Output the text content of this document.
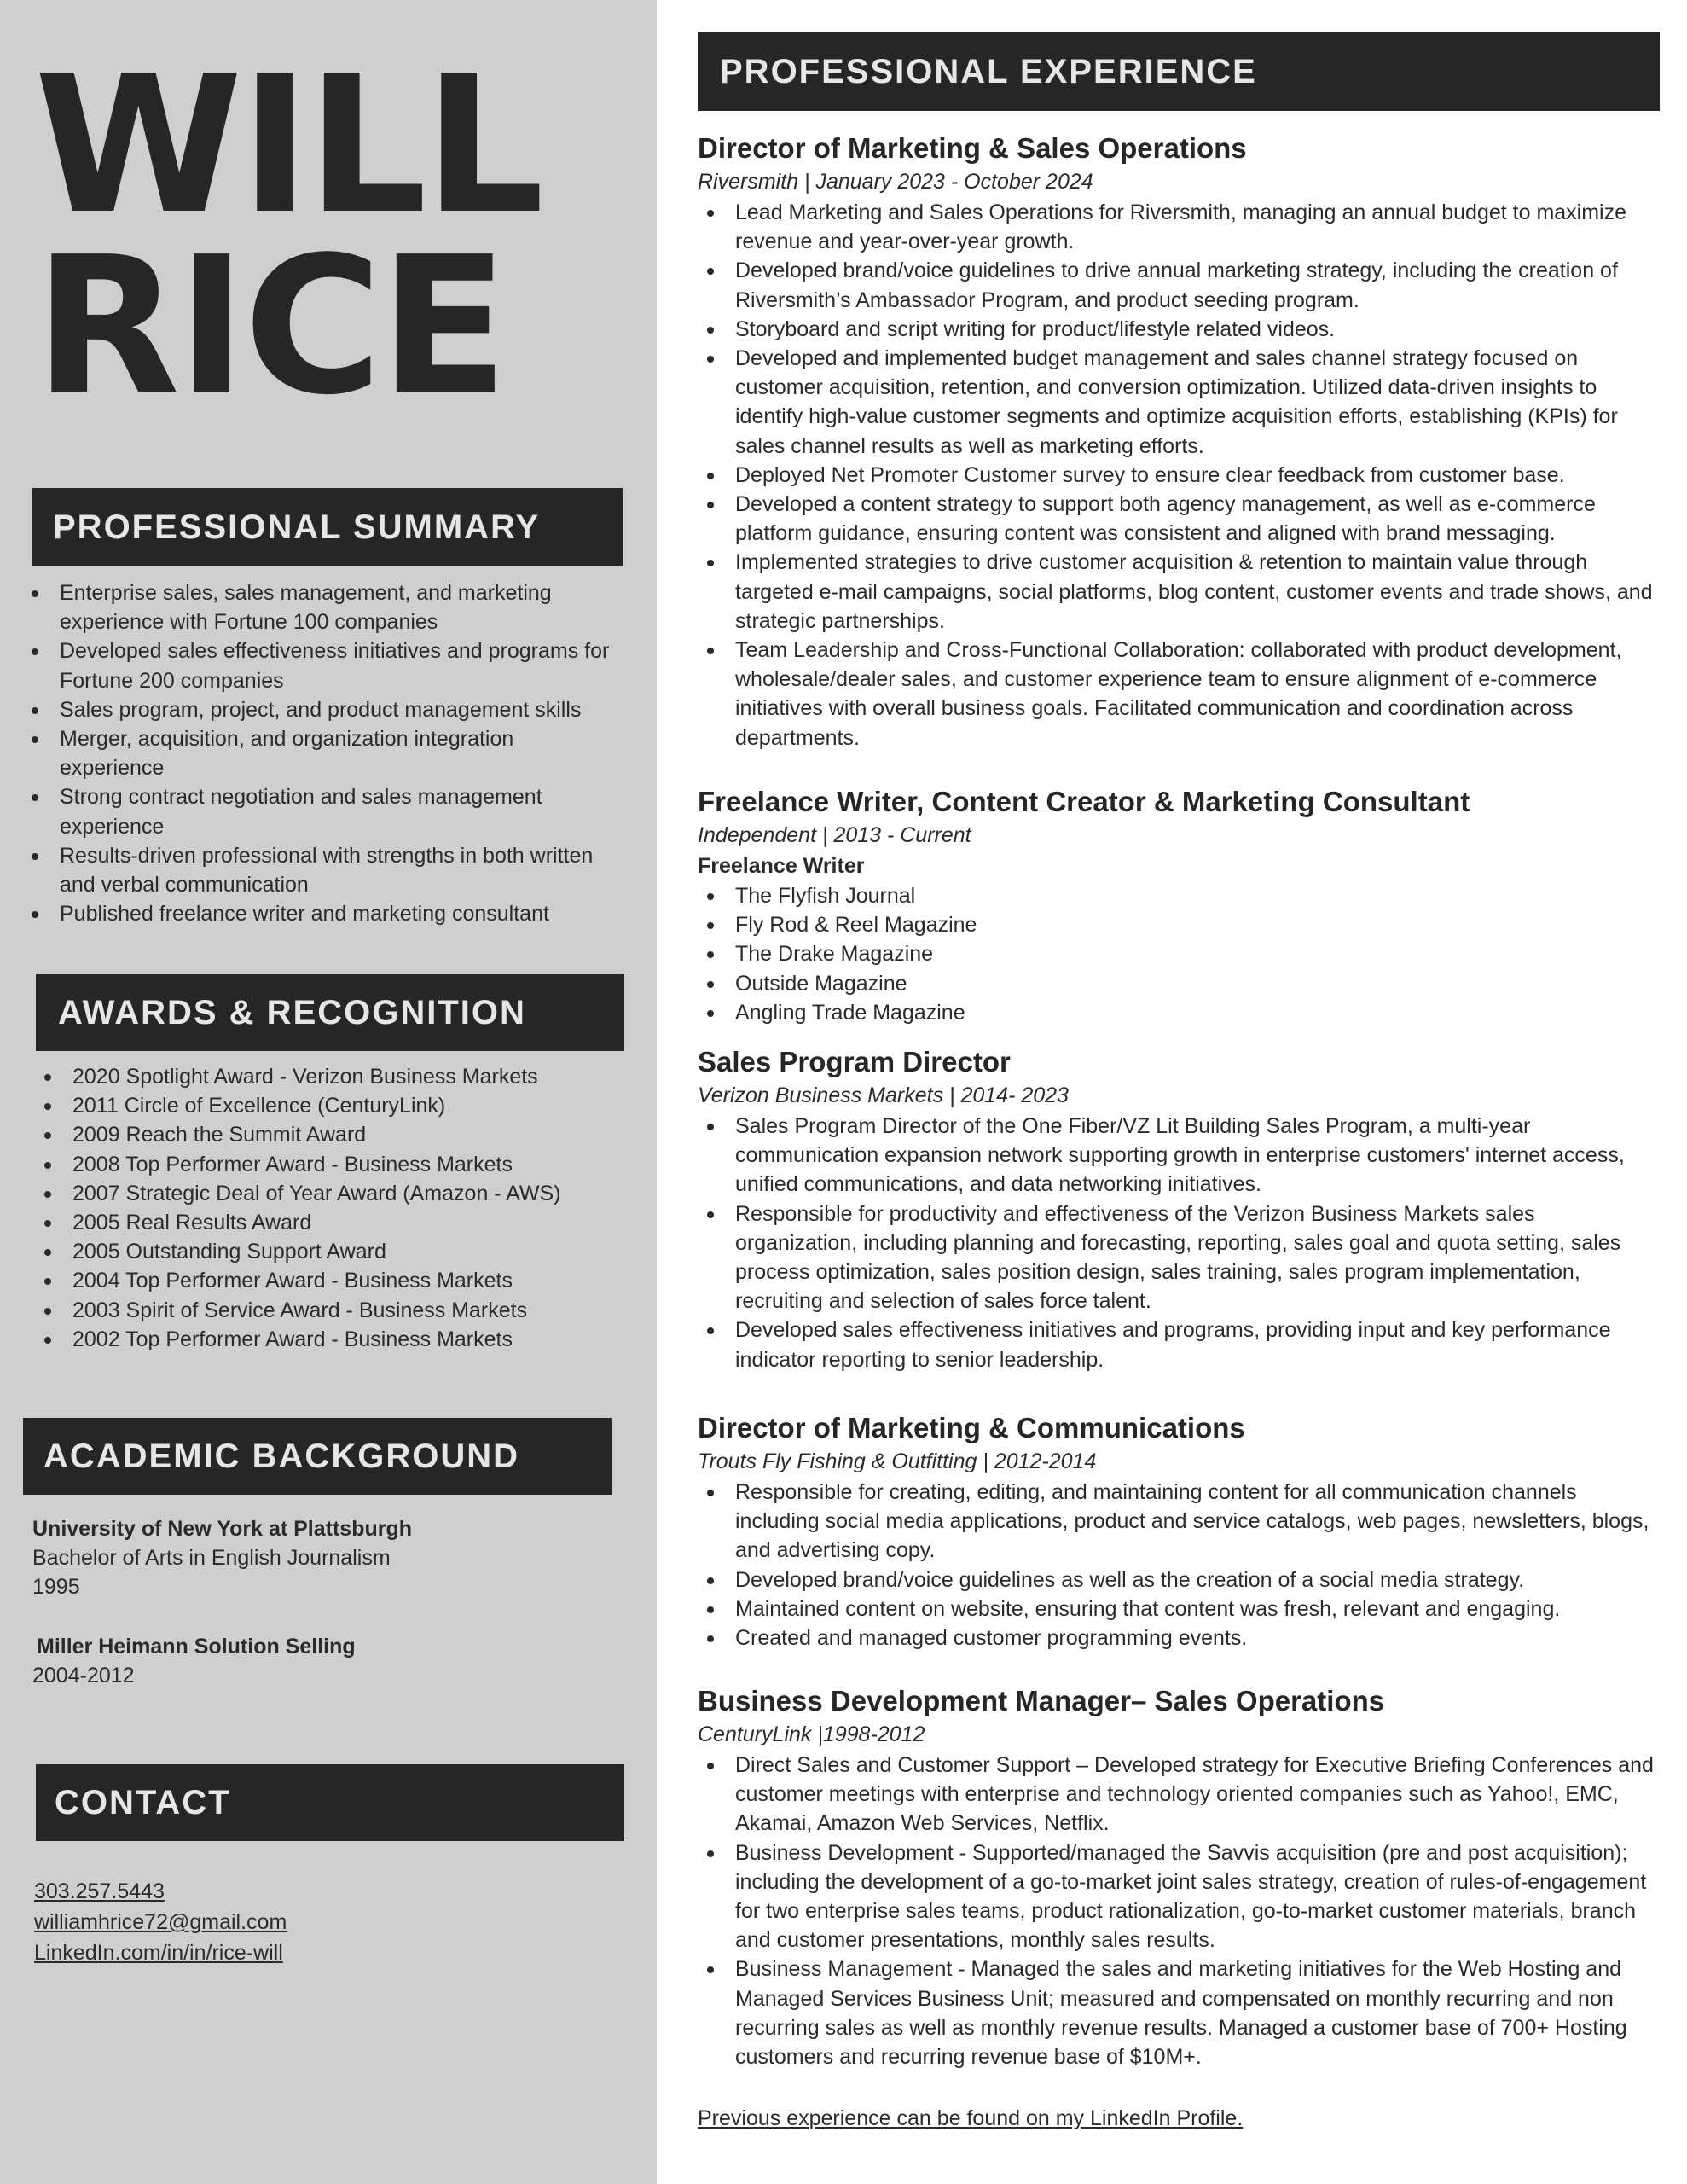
WILL
RICE
PROFESSIONAL SUMMARY
Enterprise sales, sales management, and marketing experience with Fortune 100 companies
Developed sales effectiveness initiatives and programs for Fortune 200 companies
Sales program, project, and product management skills
Merger, acquisition, and organization integration experience
Strong contract negotiation and sales management experience
Results-driven professional with strengths in both written and verbal communication
Published freelance writer and marketing consultant
AWARDS & RECOGNITION
2020 Spotlight Award - Verizon Business Markets
2011 Circle of Excellence (CenturyLink)
2009 Reach the Summit Award
2008 Top Performer Award - Business Markets
2007 Strategic Deal of Year Award (Amazon - AWS)
2005 Real Results Award
2005 Outstanding Support Award
2004 Top Performer Award - Business Markets
2003 Spirit of Service Award - Business Markets
2002 Top Performer Award - Business Markets
ACADEMIC BACKGROUND

University of New York at Plattsburgh

Bachelor of Arts in English Journalism

1995

Miller Heimann Solution Selling

2004-2012

CONTACT
303.257.5443
williamhrice72@gmail.com
LinkedIn.com/in/in/rice-will
PROFESSIONAL EXPERIENCE
Director of Marketing & Sales Operations

Riversmith | January 2023 - October 2024

Lead Marketing and Sales Operations for Riversmith, managing an annual budget to maximize revenue and year-over-year growth.
Developed brand/voice guidelines to drive annual marketing strategy, including the creation of Riversmith’s Ambassador Program, and product seeding program.
Storyboard and script writing for product/lifestyle related videos.
Developed and implemented budget management and sales channel strategy focused on customer acquisition, retention, and conversion optimization. Utilized data-driven insights to identify high-value customer segments and optimize acquisition efforts, establishing (KPIs) for sales channel results as well as marketing efforts.
Deployed Net Promoter Customer survey to ensure clear feedback from customer base.
Developed a content strategy to support both agency management, as well as e-commerce platform guidance, ensuring content was consistent and aligned with brand messaging.
Implemented strategies to drive customer acquisition & retention to maintain value through targeted e-mail campaigns, social platforms, blog content, customer events and trade shows, and strategic partnerships.
Team Leadership and Cross-Functional Collaboration: collaborated with product development, wholesale/dealer sales, and customer experience team to ensure alignment of e-commerce initiatives with overall business goals. Facilitated communication and coordination across departments.
Freelance Writer, Content Creator & Marketing Consultant

Independent | 2013 - Current

Freelance Writer

The Flyfish Journal
Fly Rod & Reel Magazine
The Drake Magazine
Outside Magazine
Angling Trade Magazine
Sales Program Director

Verizon Business Markets | 2014- 2023

Sales Program Director of the One Fiber/VZ Lit Building Sales Program, a multi-year communication expansion network supporting growth in enterprise customers' internet access, unified communications, and data networking initiatives.
Responsible for productivity and effectiveness of the Verizon Business Markets sales organization, including planning and forecasting, reporting, sales goal and quota setting, sales process optimization, sales position design, sales training, sales program implementation, recruiting and selection of sales force talent.
Developed sales effectiveness initiatives and programs, providing input and key performance indicator reporting to senior leadership.
Director of Marketing & Communications

Trouts Fly Fishing & Outfitting | 2012-2014

Responsible for creating, editing, and maintaining content for all communication channels including social media applications, product and service catalogs, web pages, newsletters, blogs, and advertising copy.
Developed brand/voice guidelines as well as the creation of a social media strategy.
Maintained content on website, ensuring that content was fresh, relevant and engaging.
Created and managed customer programming events.
Business Development Manager– Sales Operations

CenturyLink |1998-2012

Direct Sales and Customer Support – Developed strategy for Executive Briefing Conferences and customer meetings with enterprise and technology oriented companies such as Yahoo!, EMC, Akamai, Amazon Web Services, Netflix.
Business Development - Supported/managed the Savvis acquisition (pre and post acquisition); including the development of a go-to-market joint sales strategy, creation of rules-of-engagement for two enterprise sales teams, product rationalization, go-to-market customer materials, branch and customer presentations, monthly sales results.
Business Management - Managed the sales and marketing initiatives for the Web Hosting and Managed Services Business Unit; measured and compensated on monthly recurring and non recurring sales as well as monthly revenue results. Managed a customer base of 700+ Hosting customers and recurring revenue base of $10M+.
Previous experience can be found on my LinkedIn Profile.
